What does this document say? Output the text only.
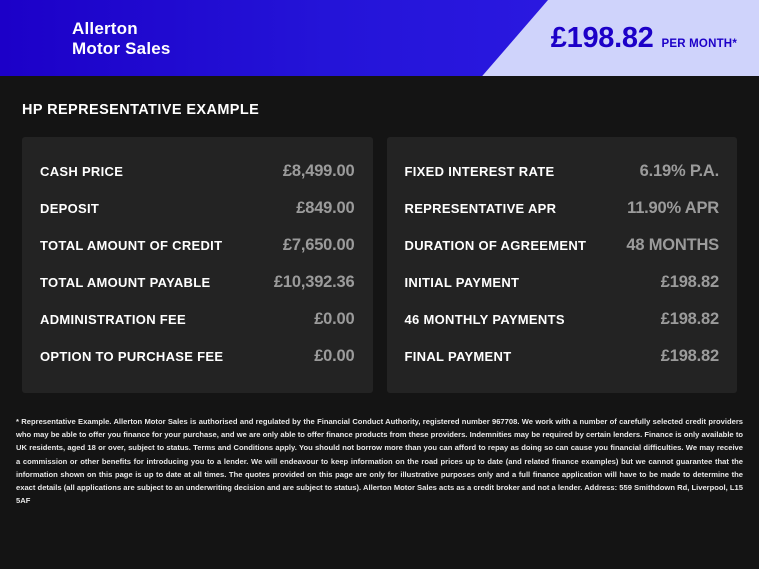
Allerton
Motor Sales	£198.82 PER MONTH*
HP REPRESENTATIVE EXAMPLE
CASH PRICE	£8,499.00
DEPOSIT	£849.00
TOTAL AMOUNT OF CREDIT	£7,650.00
TOTAL AMOUNT PAYABLE	£10,392.36
ADMINISTRATION FEE	£0.00
OPTION TO PURCHASE FEE	£0.00
FIXED INTEREST RATE	6.19% P.A.
REPRESENTATIVE APR	11.90% APR
DURATION OF AGREEMENT 48 MONTHS
INITIAL PAYMENT	£198.82
46 MONTHLY PAYMENTS	£198.82
FINAL PAYMENT	£198.82
* Representative Example. Allerton Motor Sales is authorised and regulated by the Financial Conduct Authority, registered number 967708. We work with a number of carefully selected credit providers who may be able to offer you finance for your purchase, and we are only able to offer finance products from these providers. Indemnities may be required by certain lenders. Finance is only available to UK residents, aged 18 or over, subject to status. Terms and Conditions apply. You should not borrow more than you can afford to repay as doing so can cause you financial difficulties. We may receive a commission or other benefits for introducing you to a lender. We will endeavour to keep information on the road prices up to date (and related finance examples) but we cannot guarantee that the information shown on this page is up to date at all times. The quotes provided on this page are only for illustrative purposes only and a full finance application will have to be made to determine the exact details (all applications are subject to an underwriting decision and are subject to status). Allerton Motor Sales acts as a credit broker and not a lender. Address: 559 Smithdown Rd, Liverpool, L15 5AF
